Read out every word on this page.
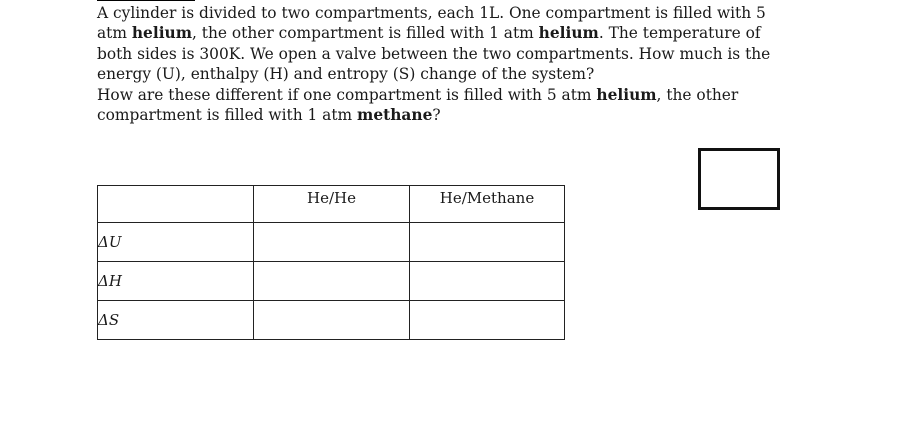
A cylinder is divided to two compartments, each 1L. One compartment is filled with 5 atm helium, the other compartment is filled with 1 atm helium. The temperature of both sides is 300K. We open a valve between the two compartments. How much is the energy (U), enthalpy (H) and entropy (S) change of the system?

How are these different if one compartment is filled with 5 atm helium, the other compartment is filled with 1 atm methane?

	He/He	He/Methane
ΔU		
ΔH		
ΔS		
